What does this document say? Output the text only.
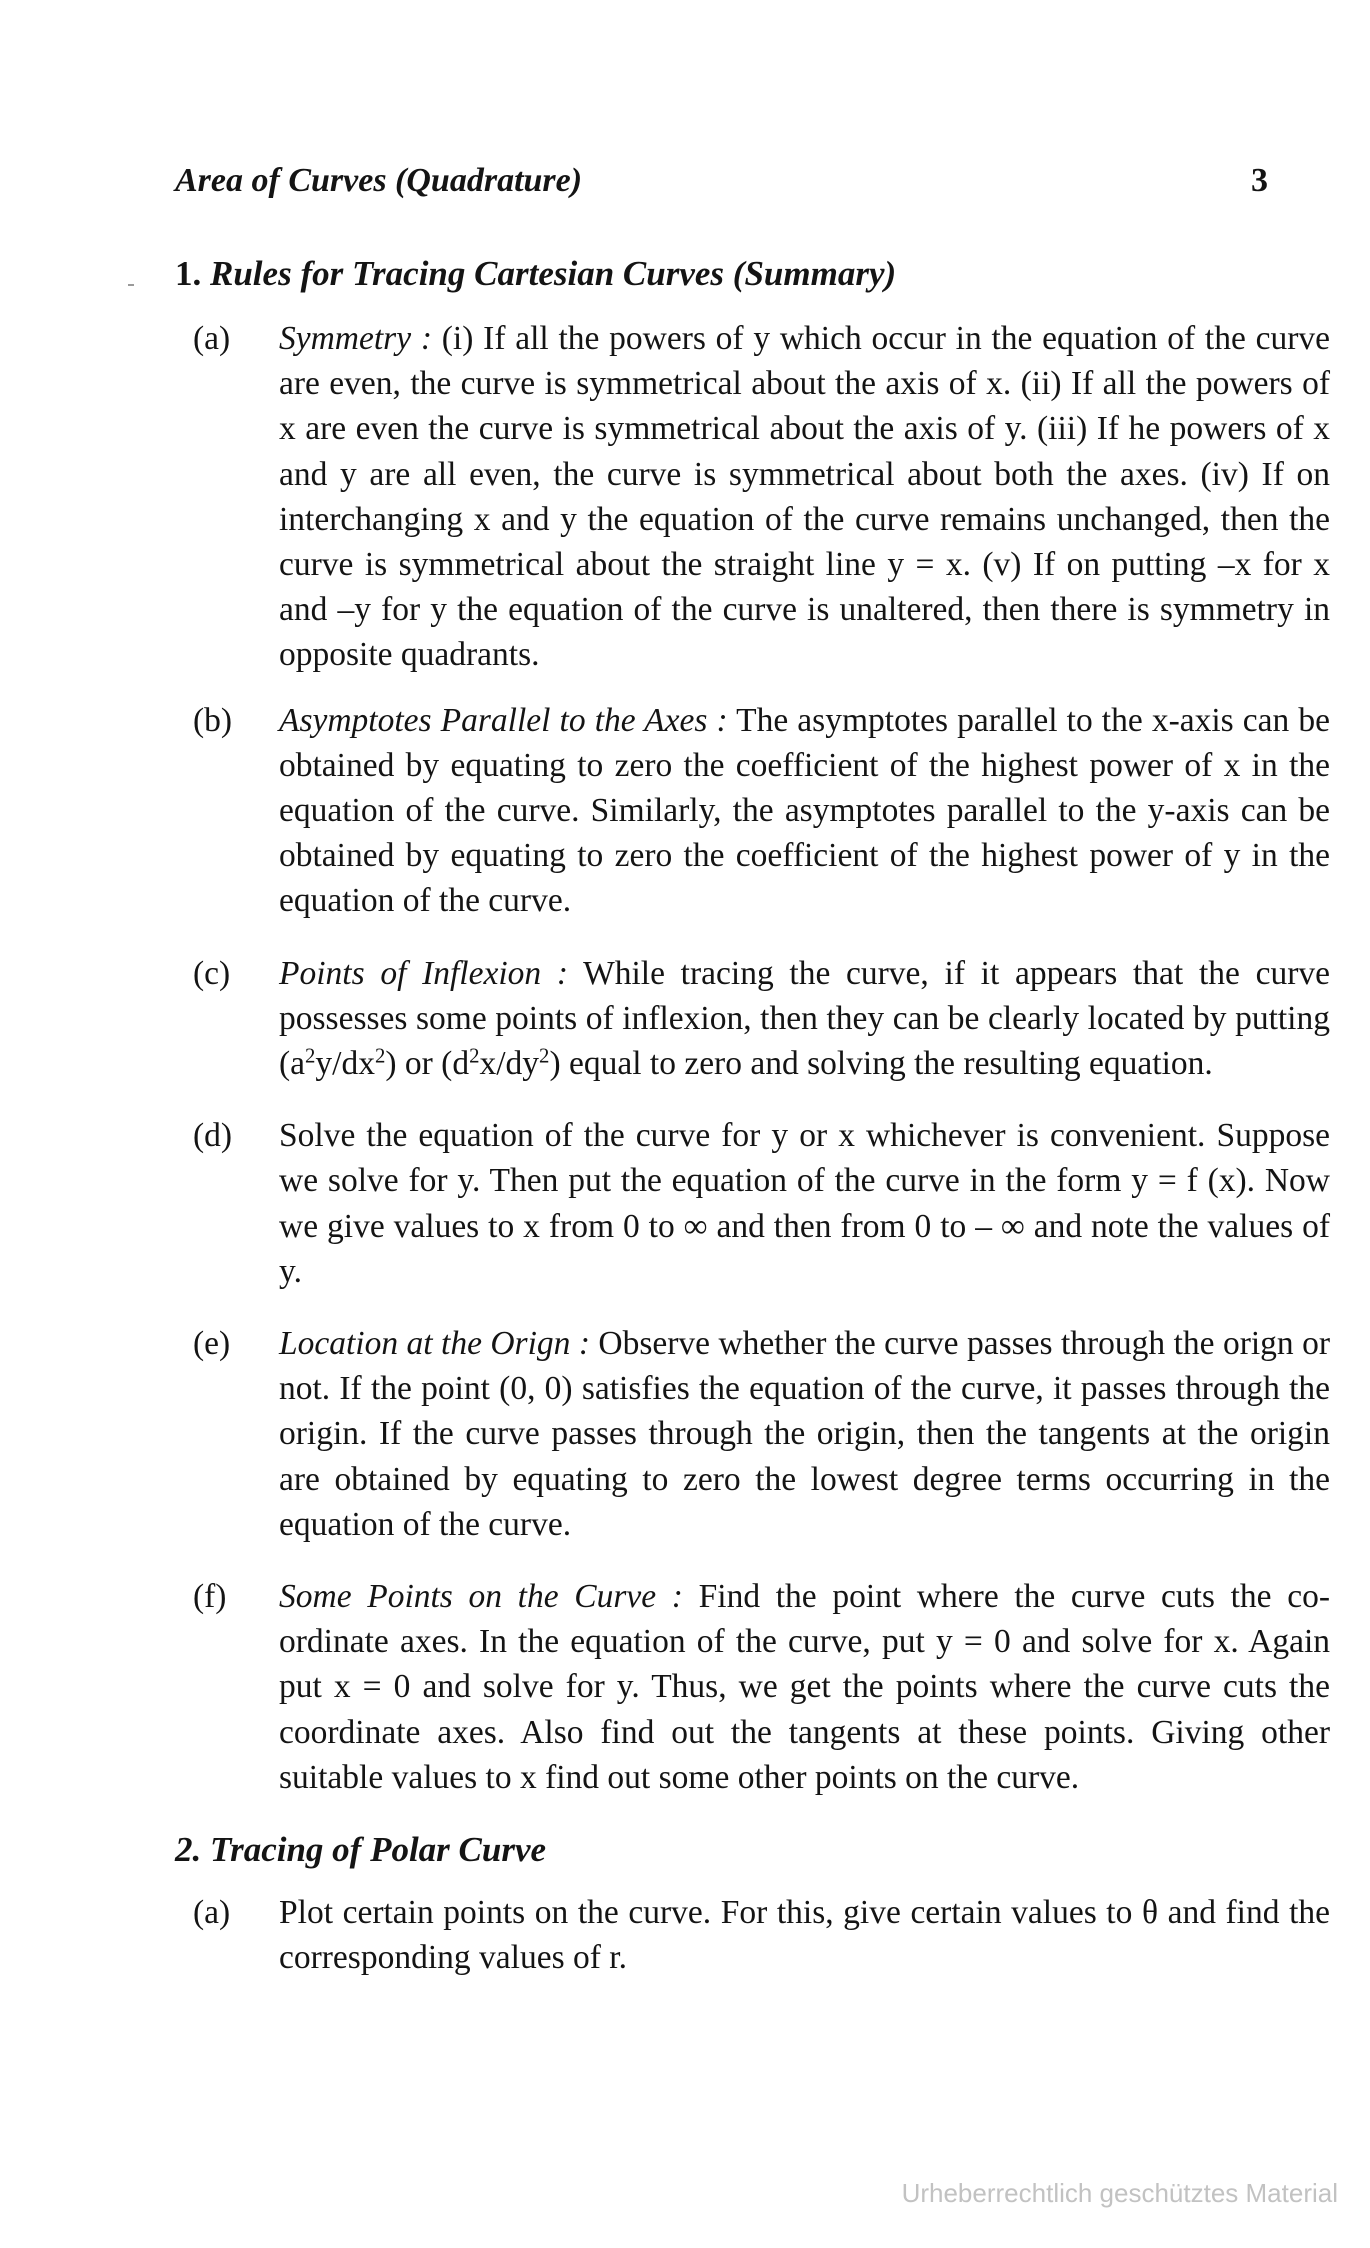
Area of Curves (Quadrature)	3
1. Rules for Tracing Cartesian Curves (Summary)
(a)	Symmetry : (i) If all the powers of y which occur in the equation of the curve are even, the curve is symmetrical about the axis of x. (ii) If all the powers of x are even the curve is symmetrical about the axis of y. (iii) If he powers of x and y are all even, the curve is symmetrical about both the axes. (iv) If on interchanging x and y the equation of the curve remains unchanged, then the curve is symmetrical about the straight line y = x. (v) If on putting –x for x and –y for y the equation of the curve is unaltered, then there is symmetry in opposite quadrants.
(b)	Asymptotes Parallel to the Axes : The asymptotes parallel to the x-axis can be obtained by equating to zero the coefficient of the highest power of x in the equation of the curve. Similarly, the asymptotes parallel to the y-axis can be obtained by equating to zero the coefficient of the highest power of y in the equation of the curve.
(c)	Points of Inflexion : While tracing the curve, if it appears that the curve possesses some points of inflexion, then they can be clearly located by putting $(a^2y/dx^2)$ or $(d^2x/dy^2)$ equal to zero and solving the resulting equation.
(d)	Solve the equation of the curve for y or x whichever is convenient. Suppose we solve for y. Then put the equation of the curve in the form y = f (x). Now we give values to x from 0 to ∞ and then from 0 to – ∞ and note the values of y.
(e)	Location at the Orign : Observe whether the curve passes through the orign or not. If the point (0, 0) satisfies the equation of the curve, it passes through the origin. If the curve passes through the origin, then the tangents at the origin are obtained by equating to zero the lowest degree terms occurring in the equation of the curve.
(f)	Some Points on the Curve : Find the point where the curve cuts the co-ordinate axes. In the equation of the curve, put y = 0 and solve for x. Again put x = 0 and solve for y. Thus, we get the points where the curve cuts the coordinate axes. Also find out the tangents at these points. Giving other suitable values to x find out some other points on the curve.
2. Tracing of Polar Curve
(a)	Plot certain points on the curve. For this, give certain values to θ and find the corresponding values of r.
Urheberrechtlich geschütztes Material
